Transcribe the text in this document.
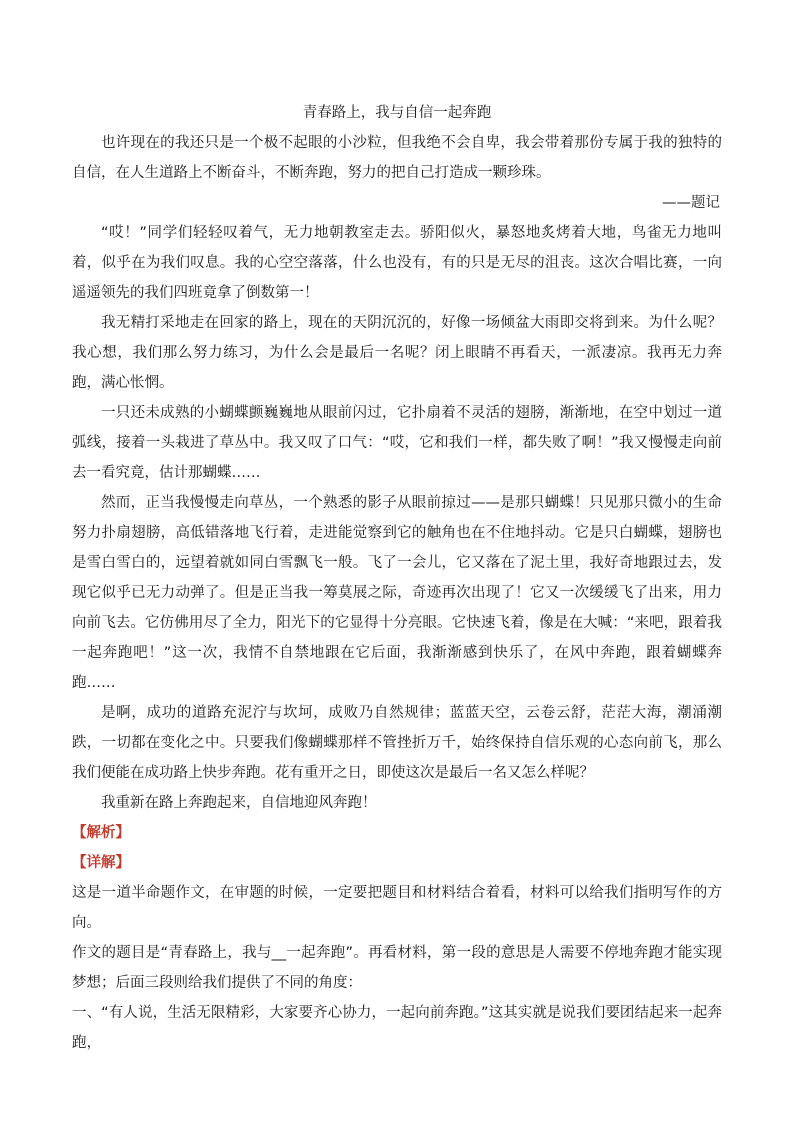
青春路上，我与自信一起奔跑

也许现在的我还只是一个极不起眼的小沙粒，但我绝不会自卑，我会带着那份专属于我的独特的自信，在人生道路上不断奋斗，不断奔跑，努力的把自己打造成一颗珍珠。

——题记

“哎！”同学们轻轻叹着气，无力地朝教室走去。骄阳似火，暴怒地炙烤着大地，鸟雀无力地叫着，似乎在为我们叹息。我的心空空落落，什么也没有，有的只是无尽的沮丧。这次合唱比赛，一向遥遥领先的我们四班竟拿了倒数第一！

我无精打采地走在回家的路上，现在的天阴沉沉的，好像一场倾盆大雨即交将到来。为什么呢？我心想，我们那么努力练习，为什么会是最后一名呢？闭上眼睛不再看天，一派凄凉。我再无力奔跑，满心怅惘。

一只还未成熟的小蝴蝶颤巍巍地从眼前闪过，它扑扇着不灵活的翅膀，渐渐地，在空中划过一道弧线，接着一头栽进了草丛中。我又叹了口气：“哎，它和我们一样，都失败了啊！”我又慢慢走向前去一看究竟，估计那蝴蝶……

然而，正当我慢慢走向草丛，一个熟悉的影子从眼前掠过——是那只蝴蝶！只见那只微小的生命努力扑扇翅膀，高低错落地飞行着，走进能觉察到它的触角也在不住地抖动。它是只白蝴蝶，翅膀也是雪白雪白的，远望着就如同白雪飘飞一般。飞了一会儿，它又落在了泥土里，我好奇地跟过去，发现它似乎已无力动弹了。但是正当我一筹莫展之际，奇迹再次出现了！它又一次缓缓飞了出来，用力向前飞去。它仿佛用尽了全力，阳光下的它显得十分亮眼。它快速飞着，像是在大喊：“来吧，跟着我一起奔跑吧！”这一次，我情不自禁地跟在它后面，我渐渐感到快乐了，在风中奔跑，跟着蝴蝶奔跑……

是啊，成功的道路充泥泞与坎坷，成败乃自然规律；蓝蓝天空，云卷云舒，茫茫大海，潮涌潮跌，一切都在变化之中。只要我们像蝴蝶那样不管挫折万千，始终保持自信乐观的心态向前飞，那么我们便能在成功路上快步奔跑。花有重开之日，即使这次是最后一名又怎么样呢？

我重新在路上奔跑起来，自信地迎风奔跑！

【解析】

【详解】

这是一道半命题作文，在审题的时候，一定要把题目和材料结合着看，材料可以给我们指明写作的方向。

作文的题目是“青春路上，我与__一起奔跑”。再看材料，第一段的意思是人需要不停地奔跑才能实现梦想；后面三段则给我们提供了不同的角度：

一、“有人说，生活无限精彩，大家要齐心协力，一起向前奔跑。”这其实就是说我们要团结起来一起奔跑，
